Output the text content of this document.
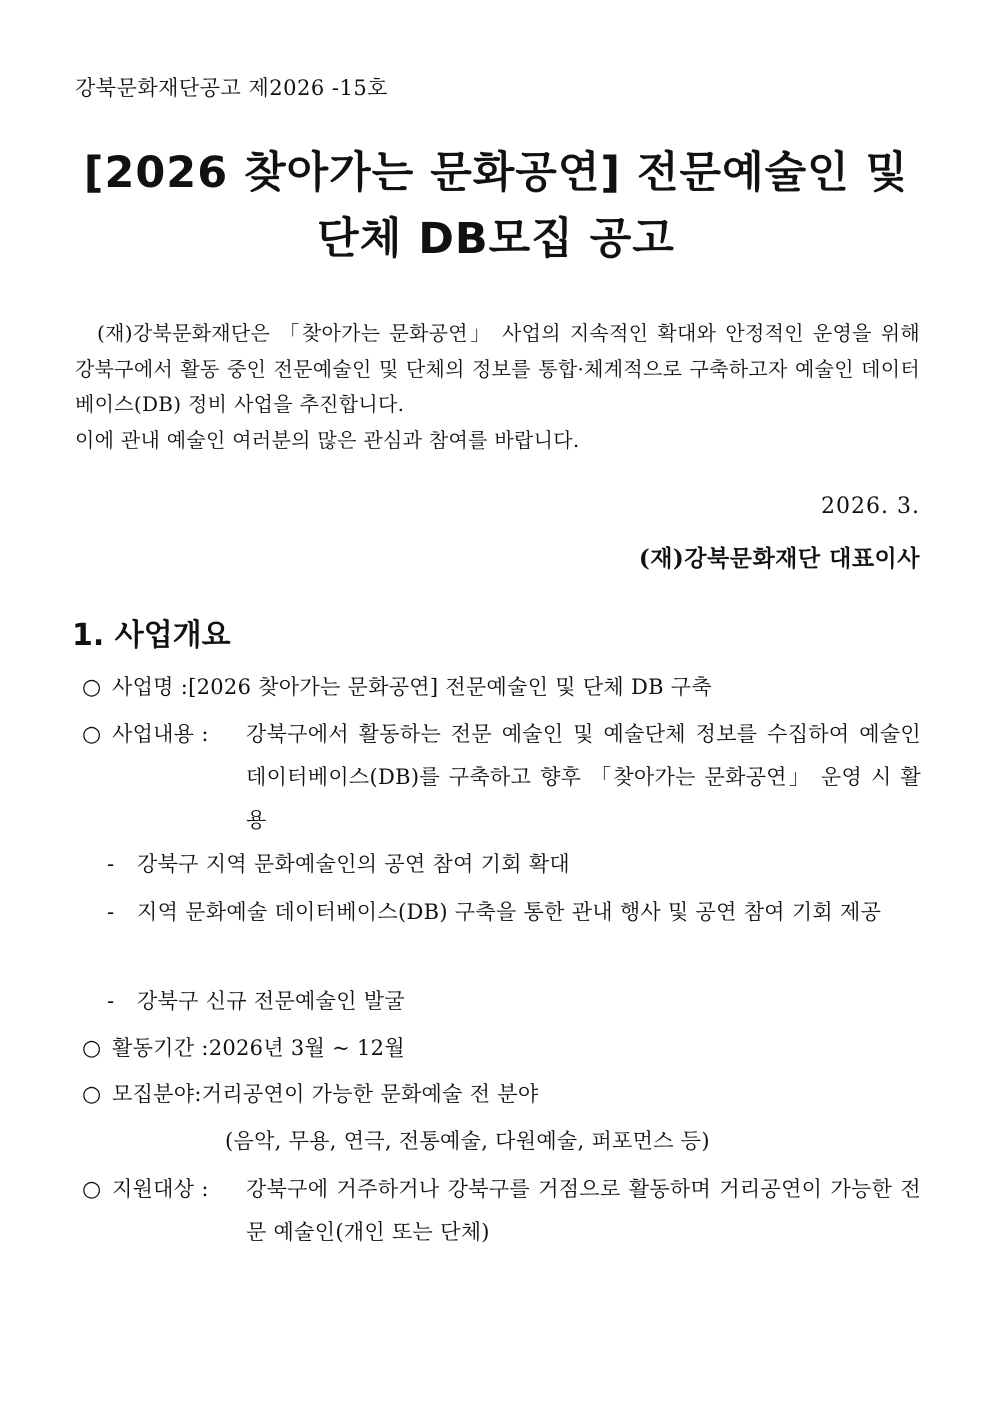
강북문화재단공고 제2026 -15호
[2026 찾아가는 문화공연] 전문예술인 및
단체 DB모집 공고

(재)강북문화재단은 「찾아가는 문화공연」 사업의 지속적인 확대와 안정적인 운영을 위해 강북구에서 활동 중인 전문예술인 및 단체의 정보를 통합·체계적으로 구축하고자 예술인 데이터베이스(DB) 정비 사업을 추진합니다.

이에 관내 예술인 여러분의 많은 관심과 참여를 바랍니다.

2026. 3.
(재)강북문화재단 대표이사
1. 사업개요
○ 사업명 : [2026 찾아가는 문화공연] 전문예술인 및 단체 DB 구축
○ 사업내용 :	강북구에서 활동하는 전문 예술인 및 예술단체 정보를 수집하여 예술인 데이터베이스(DB)를 구축하고 향후 「찾아가는 문화공연」 운영 시 활용
-	강북구 지역 문화예술인의 공연 참여 기회 확대
-	지역 문화예술 데이터베이스(DB) 구축을 통한 관내 행사 및 공연 참여 기회 제공
-	강북구 신규 전문예술인 발굴
○ 활동기간 : 2026년 3월 ~ 12월
○ 모집분야: 거리공연이 가능한 문화예술 전 분야
(음악, 무용, 연극, 전통예술, 다원예술, 퍼포먼스 등)
○ 지원대상 :	강북구에 거주하거나 강북구를 거점으로 활동하며 거리공연이 가능한 전문 예술인(개인 또는 단체)
